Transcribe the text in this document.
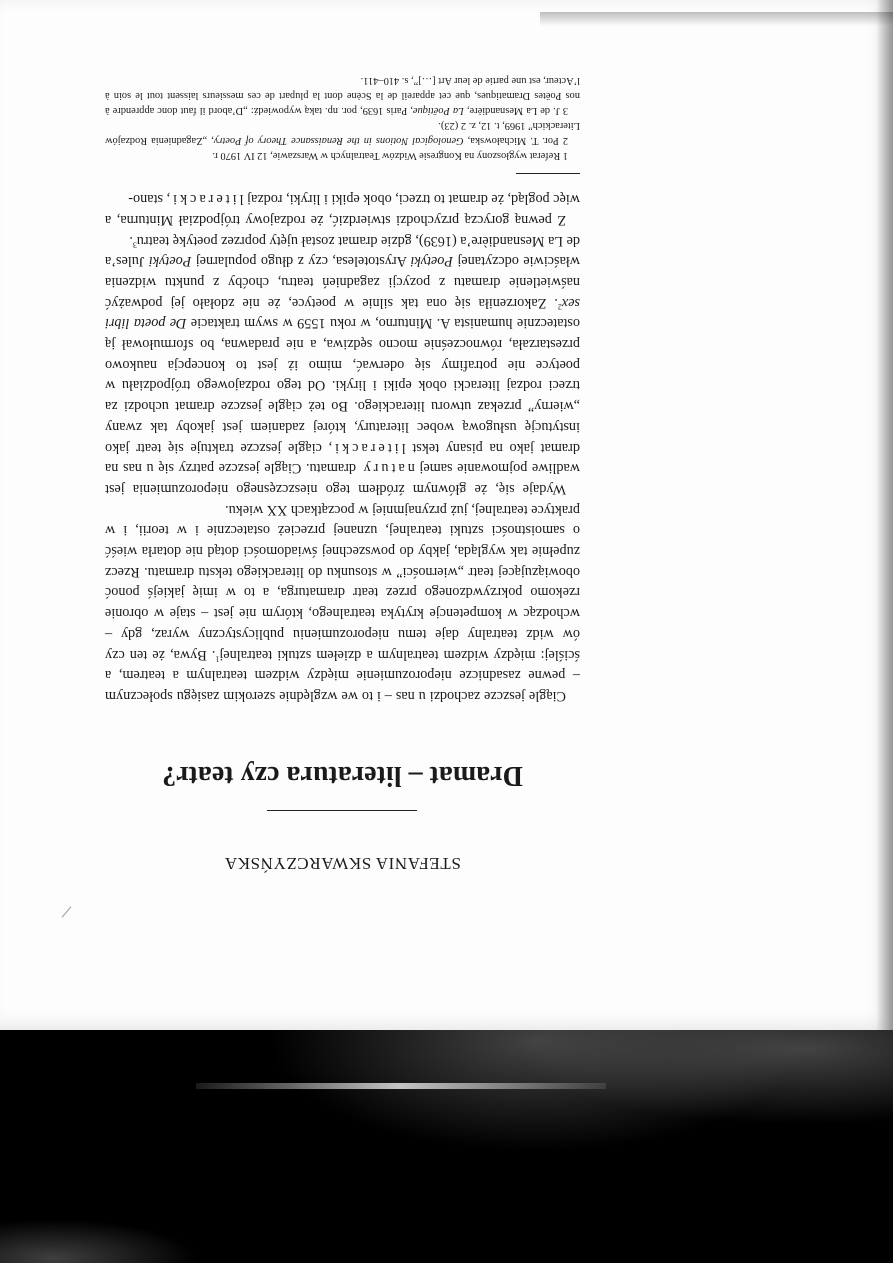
STEFANIA SKWARCZYŃSKA

Dramat – literatura czy teatr?

Ciągle jeszcze zachodzi u nas – i to we względnie szerokim zasięgu społecznym – pewne zasadnicze nieporozumienie między widzem teatralnym a teatrem, a ściślej: między widzem teatralnym a dziełem sztuki teatralnej$^1$. Bywa, że ten czy ów widz teatralny daje temu nieporozumieniu publicystyczny wyraz, gdy – wchodząc w kompetencje krytyka teatralnego, którym nie jest – staje w obronie rzekomo pokrzywdzonego przez teatr dramaturga, a to w imię jakiejś ponoć obowiązującej teatr „wierności” w stosunku do literackiego tekstu dramatu. Rzecz zupełnie tak wygląda, jakby do powszechnej świadomości dotąd nie dotarła wieść o samoistności sztuki teatralnej, uznanej przecież ostatecznie i w teorii, i w praktyce teatralnej, już przynajmniej w początkach XX wieku.

Wydaje się, że głównym źródłem tego nieszczęsnego nieporozumienia jest wadliwe pojmowanie samej natury dramatu. Ciągle jeszcze patrzy się u nas na dramat jako na pisany tekst literacki, ciągle jeszcze traktuje się teatr jako instytucję usługową wobec literatury, której zadaniem jest jakoby tak zwany „wierny” przekaz utworu literackiego. Bo też ciągle jeszcze dramat uchodzi za trzeci rodzaj literacki obok epiki i liryki. Od tego rodzajowego trójpodziału w poetyce nie potrafimy się oderwać, mimo iż jest to koncepcja naukowo przestarzała, równocześnie mocno sędziwa, a nie pradawna, bo sformułował ją ostatecznie humanista A. Minturno, w roku 1559 w swym traktacie De poeta libri sex$^2$. Zakorzeniła się ona tak silnie w poetyce, że nie zdołało jej podważyć naświetlenie dramatu z pozycji zagadnień teatru, choćby z punktu widzenia właściwie odczytanej Poetyki Arystotelesa, czy z długo popularnej Poetyki Jules’a de La Mesnandière’a (1639), gdzie dramat został ujęty poprzez poetykę teatru$^3$.

Z pewną goryczą przychodzi stwierdzić, że rodzajowy trójpodział Minturna, a więc pogląd, że dramat to trzeci, obok epiki i liryki, rodzaj literacki, stano-

1 Referat wygłoszony na Kongresie Widzów Teatralnych w Warszawie, 12 IV 1970 r.

2 Por. T. Michałowska, Genological Notions in the Renaissance Theory of Poetry, „Zagadnienia Rodzajów Literackich” 1969, t. 12, z. 2 (23).

3 J. de La Mesnandière, La Poëtique, Paris 1639, por. np. taką wypowiedź: „D’abord il faut donc apprendre à nos Poëtes Dramatiques, que cet appareil de la Scène dont la plupart de ces messieurs laissent tout le soin à l’Acteur, est une partie de leur Art […]”, s. 410–411.
